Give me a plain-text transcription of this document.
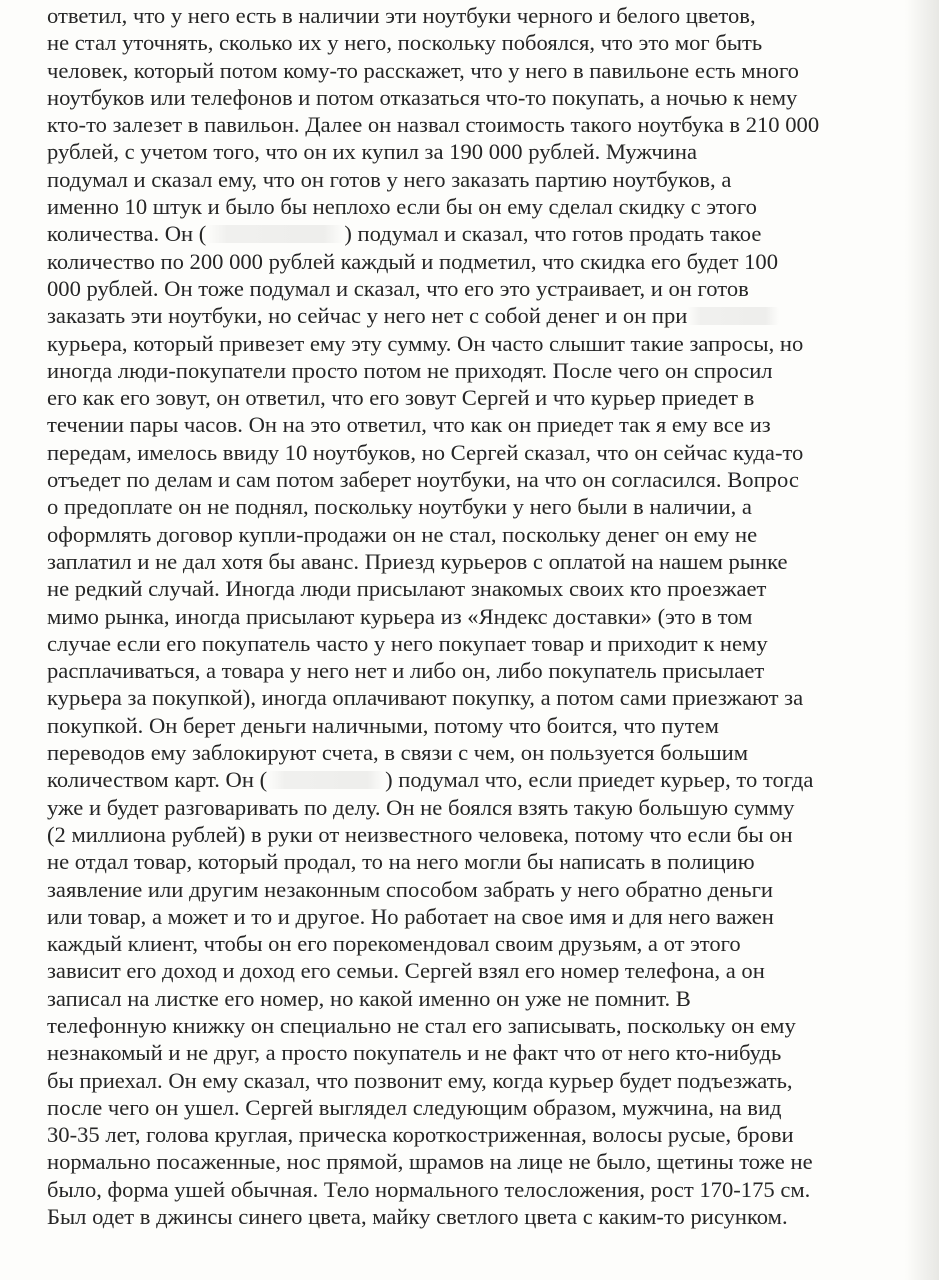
ответил, что у него есть в наличии эти ноутбуки черного и белого цветов,
не стал уточнять, сколько их у него, поскольку побоялся, что это мог быть
человек, который потом кому-то расскажет, что у него в павильоне есть много
ноутбуков или телефонов и потом отказаться что-то покупать, а ночью к нему
кто-то залезет в павильон. Далее он назвал стоимость такого ноутбука в 210 000
рублей, с учетом того, что он их купил за 190 000 рублей. Мужчина
подумал и сказал ему, что он готов у него заказать партию ноутбуков, а
именно 10 штук и было бы неплохо если бы он ему сделал скидку с этого
количества. Он (	) подумал и сказал, что готов продать такое
количество по 200 000 рублей каждый и подметил, что скидка его будет 100
000 рублей. Он тоже подумал и сказал, что его это устраивает, и он готов
заказать эти ноутбуки, но сейчас у него нет с собой денег и он при
курьера, который привезет ему эту сумму. Он часто слышит такие запросы, но
иногда люди-покупатели просто потом не приходят. После чего он спросил
его как его зовут, он ответил, что его зовут Сергей и что курьер приедет в
течении пары часов. Он на это ответил, что как он приедет так я ему все из
передам, имелось ввиду 10 ноутбуков, но Сергей сказал, что он сейчас куда-то
отъедет по делам и сам потом заберет ноутбуки, на что он согласился. Вопрос
о предоплате он не поднял, поскольку ноутбуки у него были в наличии, а
оформлять договор купли-продажи он не стал, поскольку денег он ему не
заплатил и не дал хотя бы аванс. Приезд курьеров с оплатой на нашем рынке
не редкий случай. Иногда люди присылают знакомых своих кто проезжает
мимо рынка, иногда присылают курьера из «Яндекс доставки» (это в том
случае если его покупатель часто у него покупает товар и приходит к нему
расплачиваться, а товара у него нет и либо он, либо покупатель присылает
курьера за покупкой), иногда оплачивают покупку, а потом сами приезжают за
покупкой. Он берет деньги наличными, потому что боится, что путем
переводов ему заблокируют счета, в связи с чем, он пользуется большим
количеством карт. Он (	) подумал что, если приедет курьер, то тогда
уже и будет разговаривать по делу. Он не боялся взять такую большую сумму
(2 миллиона рублей) в руки от неизвестного человека, потому что если бы он
не отдал товар, который продал, то на него могли бы написать в полицию
заявление или другим незаконным способом забрать у него обратно деньги
или товар, а может и то и другое. Но работает на свое имя и для него важен
каждый клиент, чтобы он его порекомендовал своим друзьям, а от этого
зависит его доход и доход его семьи. Сергей взял его номер телефона, а он
записал на листке его номер, но какой именно он уже не помнит. В
телефонную книжку он специально не стал его записывать, поскольку он ему
незнакомый и не друг, а просто покупатель и не факт что от него кто-нибудь
бы приехал. Он ему сказал, что позвонит ему, когда курьер будет подъезжать,
после чего он ушел. Сергей выглядел следующим образом, мужчина, на вид
30-35 лет, голова круглая, прическа короткостриженная, волосы русые, брови
нормально посаженные, нос прямой, шрамов на лице не было, щетины тоже не
было, форма ушей обычная. Тело нормального телосложения, рост 170-175 см.
Был одет в джинсы синего цвета, майку светлого цвета с каким-то рисунком.
